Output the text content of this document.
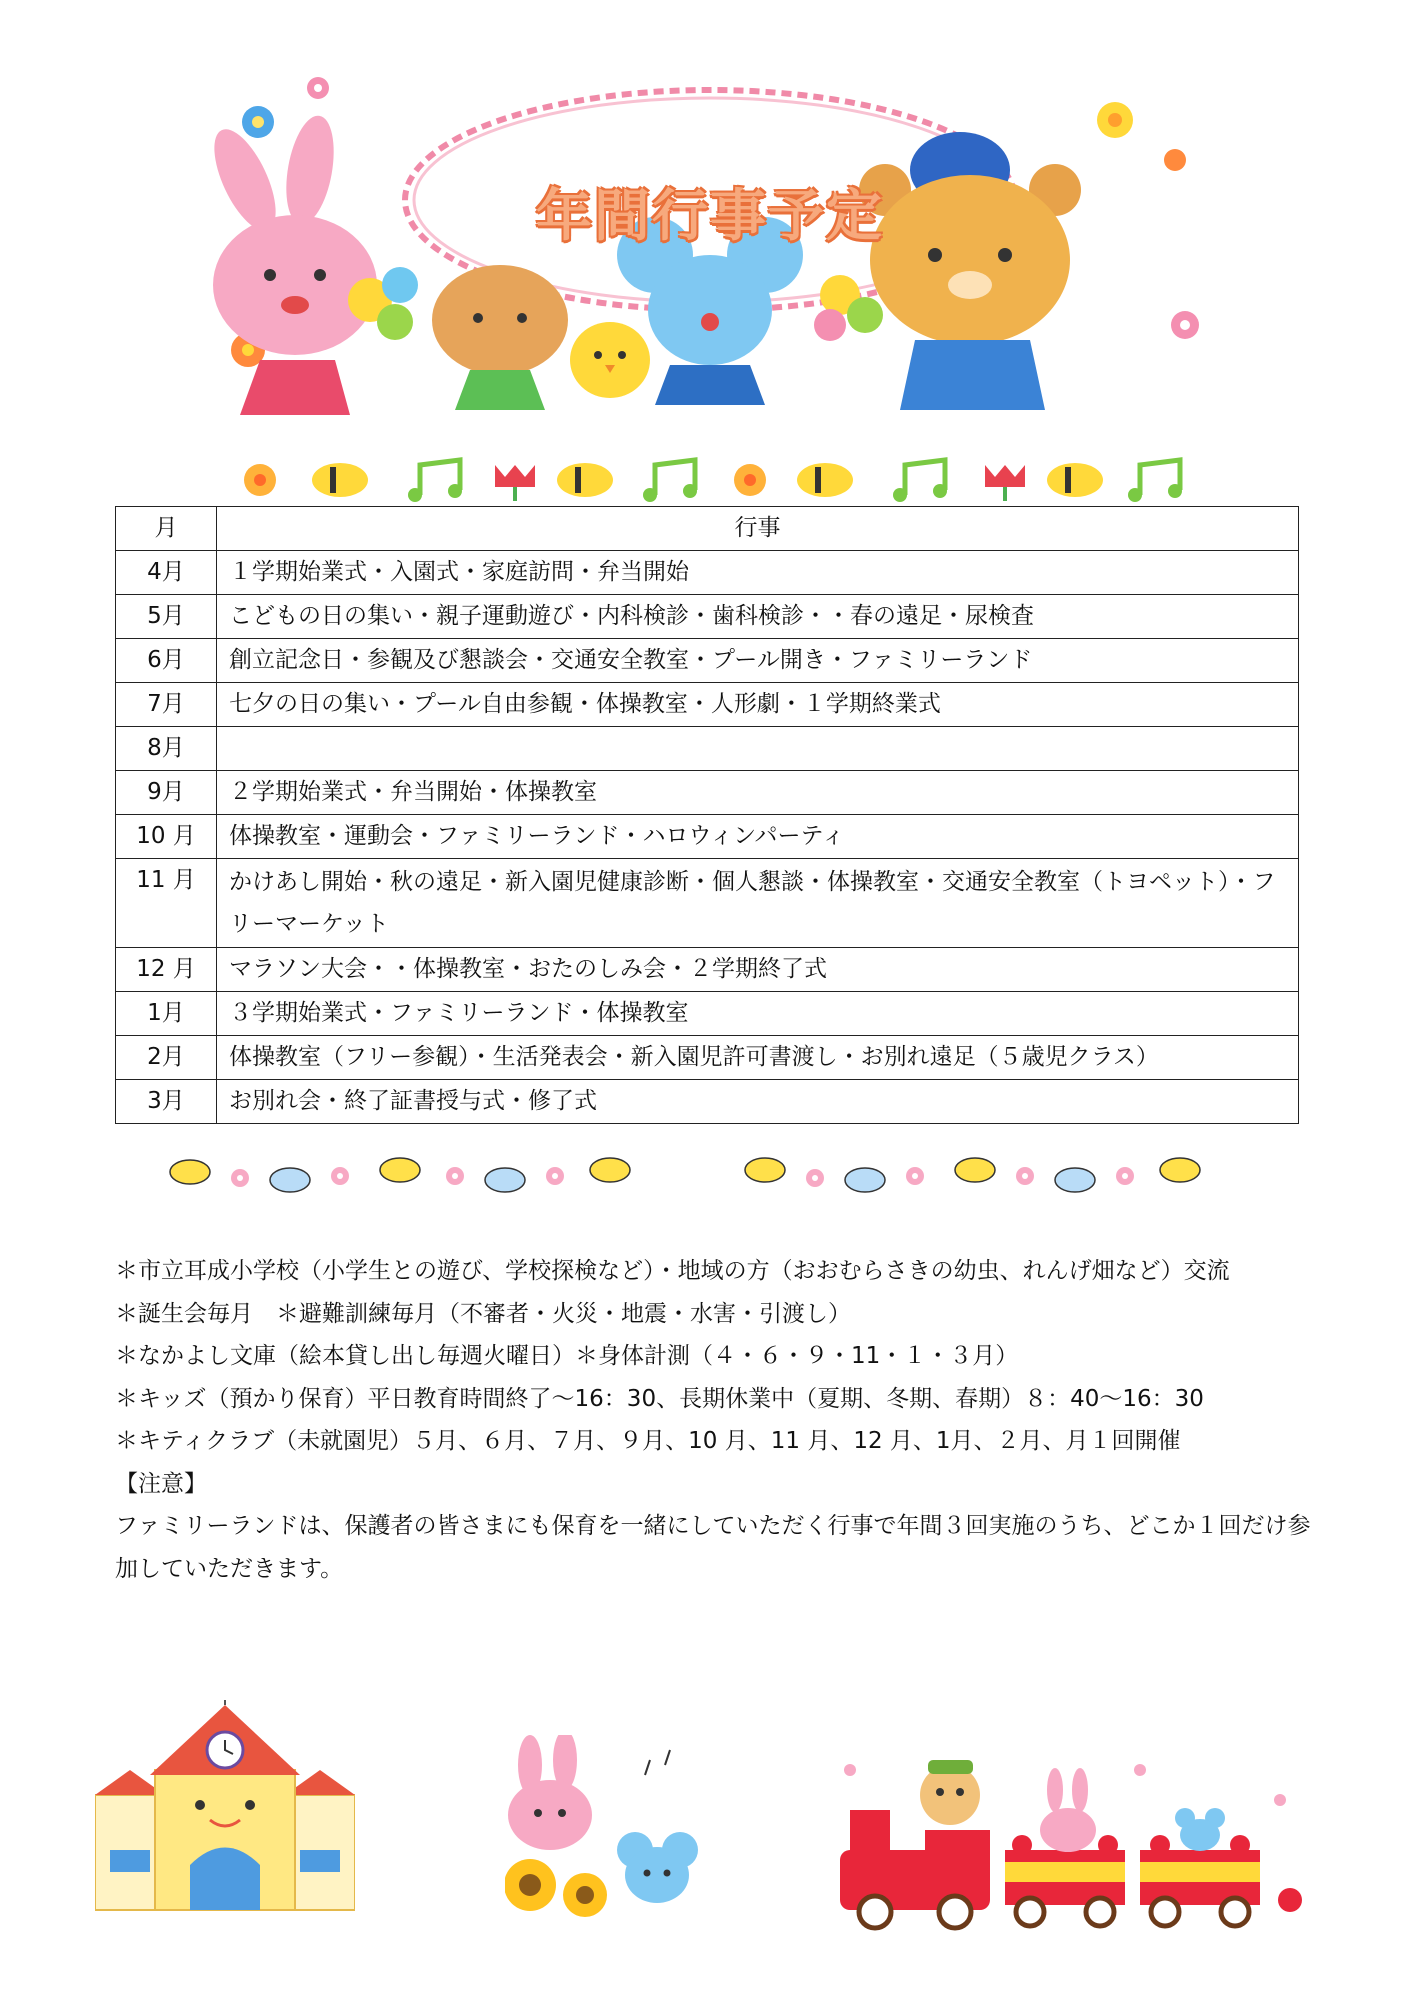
年間行事予定
月	行事
4月	１学期始業式・入園式・家庭訪問・弁当開始
5月	こどもの日の集い・親子運動遊び・内科検診・歯科検診・・春の遠足・尿検査
6月	創立記念日・参観及び懇談会・交通安全教室・プール開き・ファミリーランド
7月	七夕の日の集い・プール自由参観・体操教室・人形劇・１学期終業式
8月	
9月	２学期始業式・弁当開始・体操教室
10 月	体操教室・運動会・ファミリーランド・ハロウィンパーティ
11 月	かけあし開始・秋の遠足・新入園児健康診断・個人懇談・体操教室・交通安全教室（トヨペット）・フリーマーケット
12 月	マラソン大会・・体操教室・おたのしみ会・２学期終了式
1月	３学期始業式・ファミリーランド・体操教室
2月	体操教室（フリー参観）・生活発表会・新入園児許可書渡し・お別れ遠足（５歳児クラス）
3月	お別れ会・終了証書授与式・修了式
＊市立耳成小学校（小学生との遊び、学校探検など）・地域の方（おおむらさきの幼虫、れんげ畑など）交流
＊誕生会毎月　＊避難訓練毎月（不審者・火災・地震・水害・引渡し）
＊なかよし文庫（絵本貸し出し毎週火曜日）＊身体計測（４・６・９・11・１・３月）
＊キッズ（預かり保育）平日教育時間終了～16：30、長期休業中（夏期、冬期、春期）８：40～16：30
＊キティクラブ（未就園児）５月、６月、７月、９月、10 月、11 月、12 月、1月、２月、月１回開催
【注意】
ファミリーランドは、保護者の皆さまにも保育を一緒にしていただく行事で年間３回実施のうち、どこか１回だけ参加していただきます。
